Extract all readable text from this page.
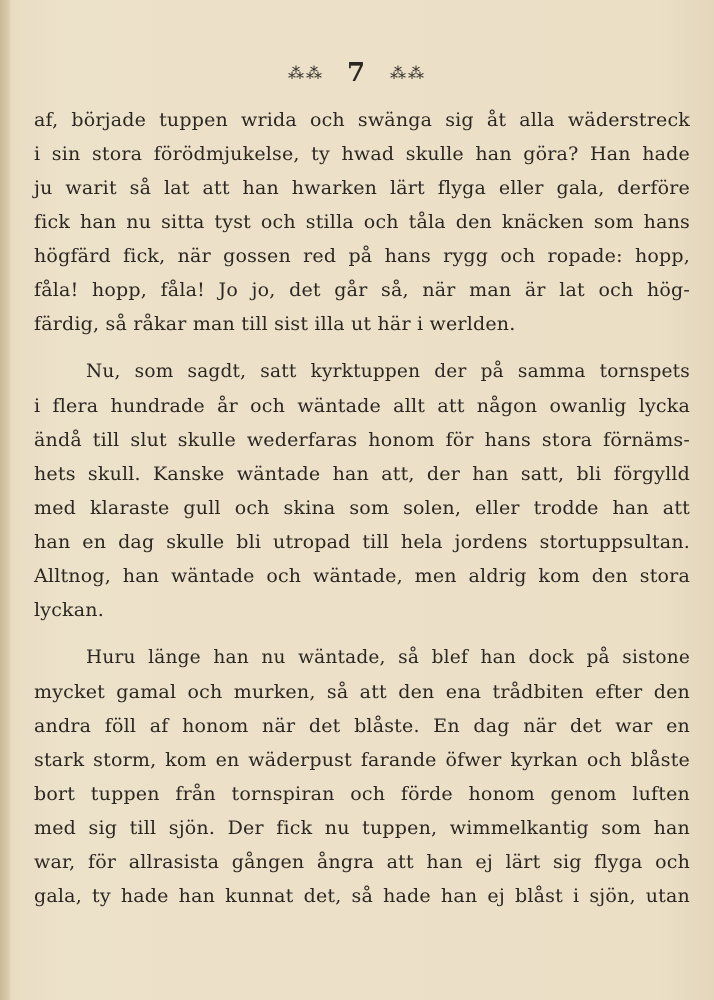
⁂⁂ 7 ⁂⁂
af, började tuppen wrida och swänga sig åt alla wäderstreck
i sin stora förödmjukelse, ty hwad skulle han göra? Han hade
ju warit så lat att han hwarken lärt flyga eller gala, derföre
fick han nu sitta tyst och stilla och tåla den knäcken som hans
högfärd fick, när gossen red på hans rygg och ropade: hopp,
fåla! hopp, fåla! Jo jo, det går så, när man är lat och hög-
färdig, så råkar man till sist illa ut här i werlden.
Nu, som sagdt, satt kyrktuppen der på samma tornspets
i flera hundrade år och wäntade allt att någon owanlig lycka
ändå till slut skulle wederfaras honom för hans stora förnäms-
hets skull. Kanske wäntade han att, der han satt, bli förgylld
med klaraste gull och skina som solen, eller trodde han att
han en dag skulle bli utropad till hela jordens stortuppsultan.
Alltnog, han wäntade och wäntade, men aldrig kom den stora
lyckan.
Huru länge han nu wäntade, så blef han dock på sistone
mycket gamal och murken, så att den ena trådbiten efter den
andra föll af honom när det blåste. En dag när det war en
stark storm, kom en wäderpust farande öfwer kyrkan och blåste
bort tuppen från tornspiran och förde honom genom luften
med sig till sjön. Der fick nu tuppen, wimmelkantig som han
war, för allrasista gången ångra att han ej lärt sig flyga och
gala, ty hade han kunnat det, så hade han ej blåst i sjön, utan
